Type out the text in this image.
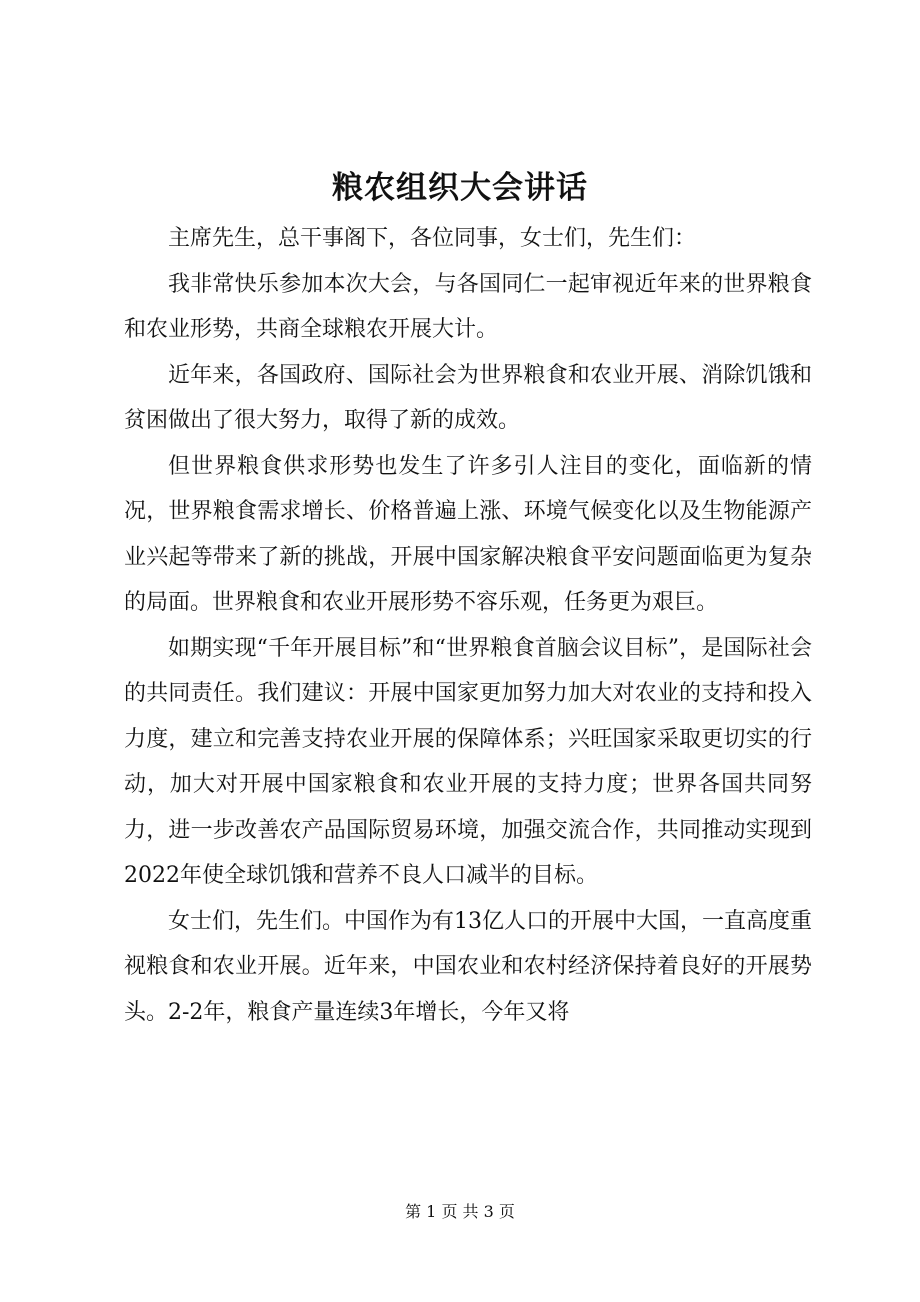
粮农组织大会讲话

主席先生，总干事阁下，各位同事，女士们，先生们：

我非常快乐参加本次大会，与各国同仁一起审视近年来的世界粮食和农业形势，共商全球粮农开展大计。

近年来，各国政府、国际社会为世界粮食和农业开展、消除饥饿和贫困做出了很大努力，取得了新的成效。

但世界粮食供求形势也发生了许多引人注目的变化，面临新的情况，世界粮食需求增长、价格普遍上涨、环境气候变化以及生物能源产业兴起等带来了新的挑战，开展中国家解决粮食平安问题面临更为复杂的局面。世界粮食和农业开展形势不容乐观，任务更为艰巨。

如期实现“千年开展目标”和“世界粮食首脑会议目标”，是国际社会的共同责任。我们建议：开展中国家更加努力加大对农业的支持和投入力度，建立和完善支持农业开展的保障体系；兴旺国家采取更切实的行动，加大对开展中国家粮食和农业开展的支持力度；世界各国共同努力，进一步改善农产品国际贸易环境，加强交流合作，共同推动实现到2022年使全球饥饿和营养不良人口减半的目标。

女士们，先生们。中国作为有13亿人口的开展中大国，一直高度重视粮食和农业开展。近年来，中国农业和农村经济保持着良好的开展势头。2-2年，粮食产量连续3年增长，今年又将

第 1 页 共 3 页
